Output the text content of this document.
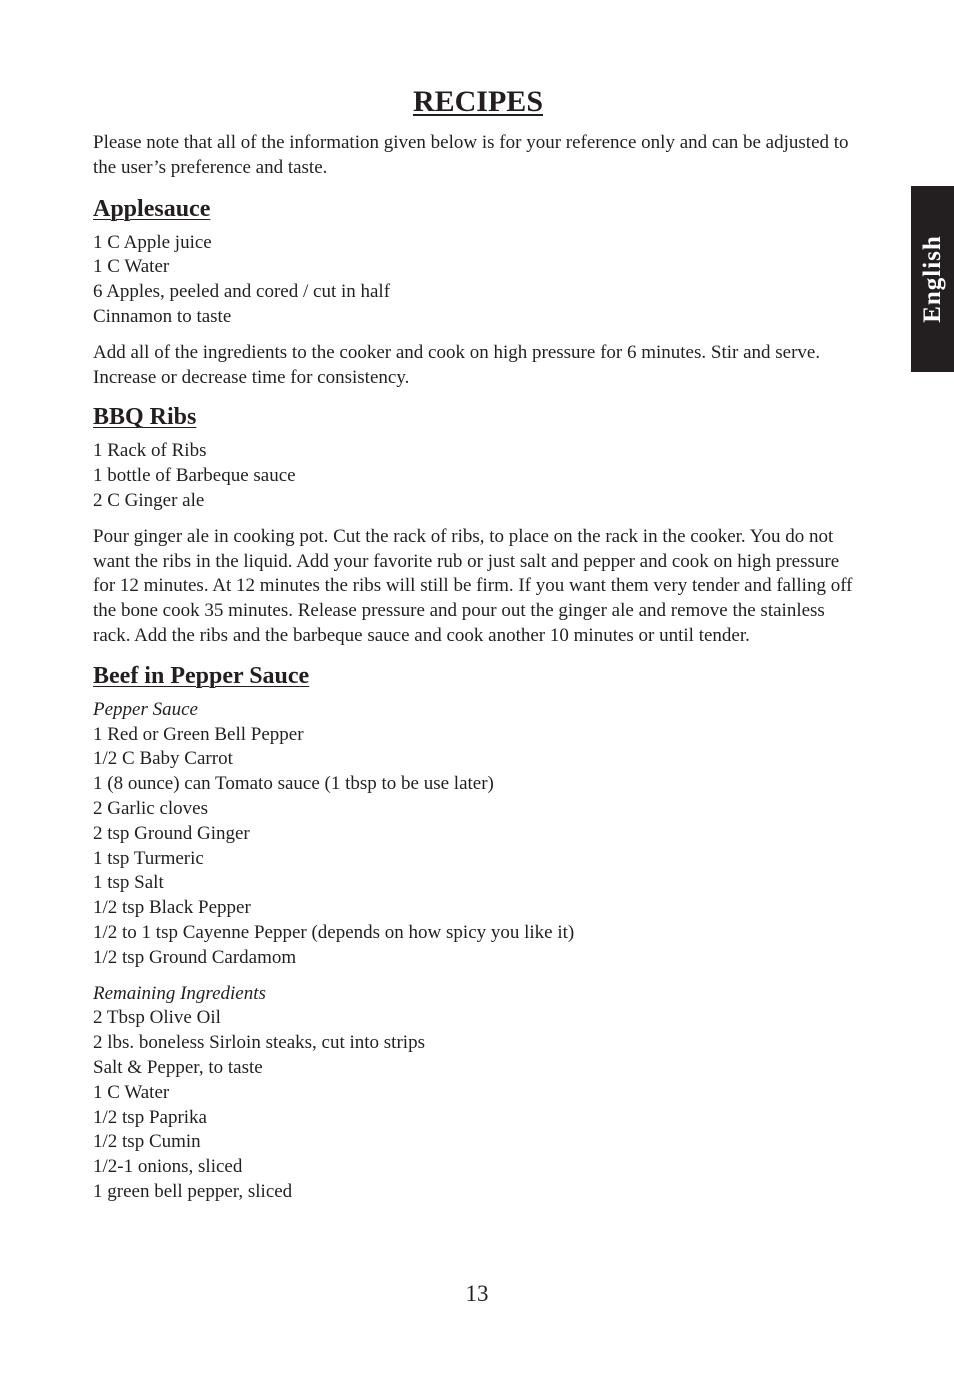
English
RECIPES

Please note that all of the information given below is for your reference only and can be adjusted to the user’s preference and taste.

Applesauce
1 C Apple juice
1 C Water
6 Apples, peeled and cored / cut in half
Cinnamon to taste

Add all of the ingredients to the cooker and cook on high pressure for 6 minutes. Stir and serve. Increase or decrease time for consistency.

BBQ Ribs
1 Rack of Ribs
1 bottle of Barbeque sauce
2 C Ginger ale

Pour ginger ale in cooking pot. Cut the rack of ribs, to place on the rack in the cooker. You do not want the ribs in the liquid. Add your favorite rub or just salt and pepper and cook on high pressure for 12 minutes. At 12 minutes the ribs will still be firm. If you want them very tender and falling off the bone cook 35 minutes. Release pressure and pour out the ginger ale and remove the stainless rack. Add the ribs and the barbeque sauce and cook another 10 minutes or until tender.

Beef in Pepper Sauce

Pepper Sauce

1 Red or Green Bell Pepper
1/2 C Baby Carrot
1 (8 ounce) can Tomato sauce (1 tbsp to be use later)
2 Garlic cloves
2 tsp Ground Ginger
1 tsp Turmeric
1 tsp Salt
1/2 tsp Black Pepper
1/2 to 1 tsp Cayenne Pepper (depends on how spicy you like it)
1/2 tsp Ground Cardamom

Remaining Ingredients

2 Tbsp Olive Oil
2 lbs. boneless Sirloin steaks, cut into strips
Salt & Pepper, to taste
1 C Water
1/2 tsp Paprika
1/2 tsp Cumin
1/2-1 onions, sliced
1 green bell pepper, sliced
13
